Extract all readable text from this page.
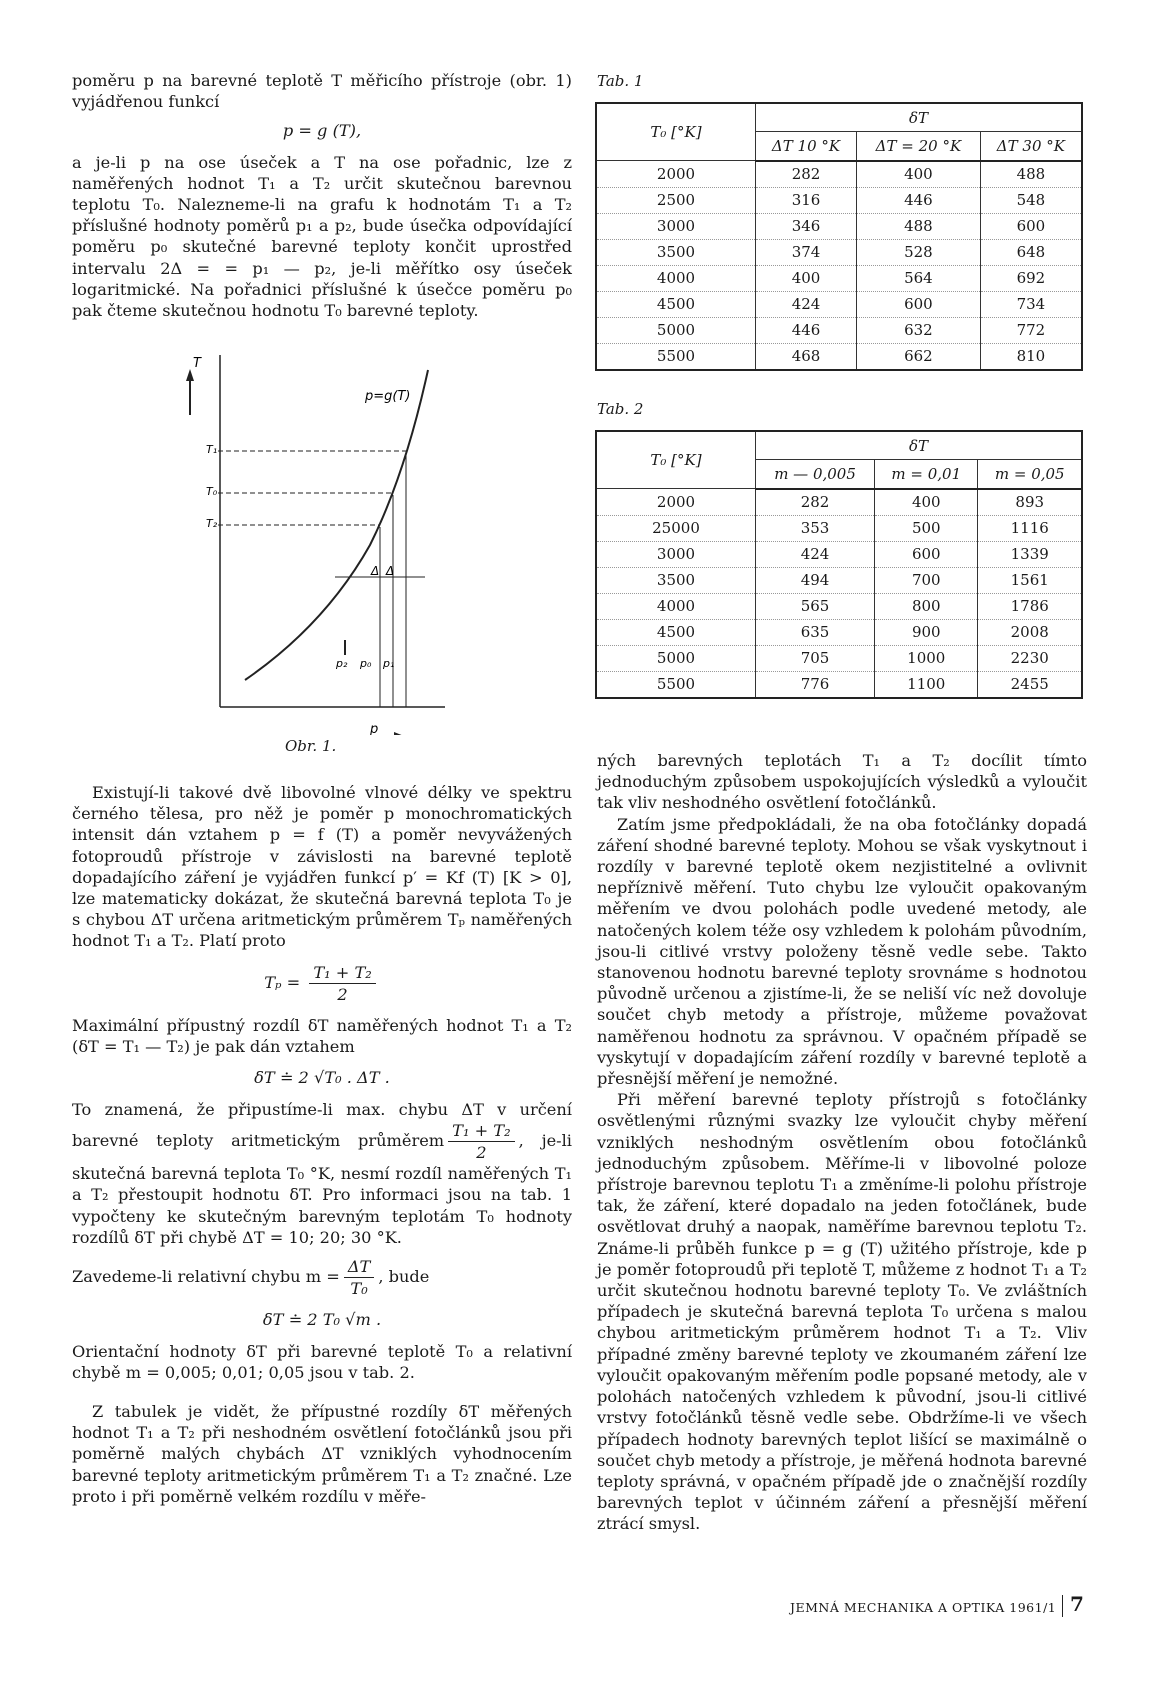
poměru p na barevné teplotě T měřicího přístroje (obr. 1) vyjádřenou funkcí

p = g (T),

a je-li p na ose úseček a T na ose pořadnic, lze z naměřených hodnot T₁ a T₂ určit skutečnou barevnou teplotu T₀. Nalezneme-li na grafu k hodnotám T₁ a T₂ příslušné hodnoty poměrů p₁ a p₂, bude úsečka odpovídající poměru p₀ skutečné barevné teploty končit uprostřed intervalu 2Δ = = p₁ — p₂, je-li měřítko osy úseček logaritmické. Na pořadnici příslušné k úsečce poměru p₀ pak čteme skutečnou hodnotu T₀ barevné teploty.

T
p=g(T)
T₁
T₀
T₂
Δ Δ
p₂ p₀ p₁
p
Obr. 1.

Existují-li takové dvě libovolné vlnové délky ve spektru černého tělesa, pro něž je poměr p monochromatických intensit dán vztahem p = f (T) a poměr nevyvážených fotoproudů přístroje v závislosti na barevné teplotě dopadajícího záření je vyjádřen funkcí p′ = Kf (T) [K > 0], lze matematicky dokázat, že skutečná barevná teplota T₀ je s chybou ΔT určena aritmetickým průměrem Tₚ naměřených hodnot T₁ a T₂. Platí proto

$T_p = \frac{\text{T₁ + T₂}}{2}$

Maximální přípustný rozdíl δT naměřených hodnot T₁ a T₂ (δT = T₁ — T₂) je pak dán vztahem

δT ≐ 2 √T₀ . ΔT .

To znamená, že připustíme-li max. chybu ΔT v určení barevné teploty aritmetickým průměrem $\frac{\text{T₁ + T₂}}{2}$ , je-li skutečná barevná teplota T₀ °K, nesmí rozdíl naměřených T₁ a T₂ přestoupit hodnotu δT. Pro informaci jsou na tab. 1 vypočteny ke skutečným barevným teplotám T₀ hodnoty rozdílů δT při chybě ΔT = 10; 20; 30 °K.

Zavedeme-li relativní chybu $m = \frac{\Delta T}{\text{T₀}}$ , bude

δT ≐ 2 T₀ √m .

Orientační hodnoty δT při barevné teplotě T₀ a relativní chybě m = 0,005; 0,01; 0,05 jsou v tab. 2.

Z tabulek je vidět, že přípustné rozdíly δT měřených hodnot T₁ a T₂ při neshodném osvětlení fotočlánků jsou při poměrně malých chybách ΔT vzniklých vyhodnocením barevné teploty aritmetickým průměrem T₁ a T₂ značné. Lze proto i při poměrně velkém rozdílu v měře-

Tab. 1
T₀ [°K]	δT		
	ΔT 10 °K	ΔT = 20 °K	ΔT 30 °K
2000	282	400	488
2500	316	446	548
3000	346	488	600
3500	374	528	648
4000	400	564	692
4500	424	600	734
5000	446	632	772
5500	468	662	810
Tab. 2
T₀ [°K]	δT		
	m — 0,005	m = 0,01	m = 0,05
2000	282	400	893
25000	353	500	1116
3000	424	600	1339
3500	494	700	1561
4000	565	800	1786
4500	635	900	2008
5000	705	1000	2230
5500	776	1100	2455

ných barevných teplotách T₁ a T₂ docílit tímto jednoduchým způsobem uspokojujících výsledků a vyloučit tak vliv neshodného osvětlení fotočlánků.

Zatím jsme předpokládali, že na oba fotočlánky dopadá záření shodné barevné teploty. Mohou se však vyskytnout i rozdíly v barevné teplotě okem nezjistitelné a ovlivnit nepříznivě měření. Tuto chybu lze vyloučit opakovaným měřením ve dvou polohách podle uvedené metody, ale natočených kolem téže osy vzhledem k polohám původním, jsou-li citlivé vrstvy položeny těsně vedle sebe. Takto stanovenou hodnotu barevné teploty srovnáme s hodnotou původně určenou a zjistíme-li, že se neliší víc než dovoluje součet chyb metody a přístroje, můžeme považovat naměřenou hodnotu za správnou. V opačném případě se vyskytují v dopadajícím záření rozdíly v barevné teplotě a přesnější měření je nemožné.

Při měření barevné teploty přístrojů s fotočlánky osvětlenými různými svazky lze vyloučit chyby měření vzniklých neshodným osvětlením obou fotočlánků jednoduchým způsobem. Měříme-li v libovolné poloze přístroje barevnou teplotu T₁ a změníme-li polohu přístroje tak, že záření, které dopadalo na jeden fotočlánek, bude osvětlovat druhý a naopak, naměříme barevnou teplotu T₂. Známe-li průběh funkce p = g (T) užitého přístroje, kde p je poměr fotoproudů při teplotě T, můžeme z hodnot T₁ a T₂ určit skutečnou hodnotu barevné teploty T₀. Ve zvláštních případech je skutečná barevná teplota T₀ určena s malou chybou aritmetickým průměrem hodnot T₁ a T₂. Vliv případné změny barevné teploty ve zkoumaném záření lze vyloučit opakovaným měřením podle popsané metody, ale v polohách natočených vzhledem k původní, jsou-li citlivé vrstvy fotočlánků těsně vedle sebe. Obdržíme-li ve všech případech hodnoty barevných teplot lišící se maximálně o součet chyb metody a přístroje, je měřená hodnota barevné teploty správná, v opačném případě jde o značnější rozdíly barevných teplot v účinném záření a přesnější měření ztrácí smysl.

JEMNÁ MECHANIKA A OPTIKA 1961/1 7
